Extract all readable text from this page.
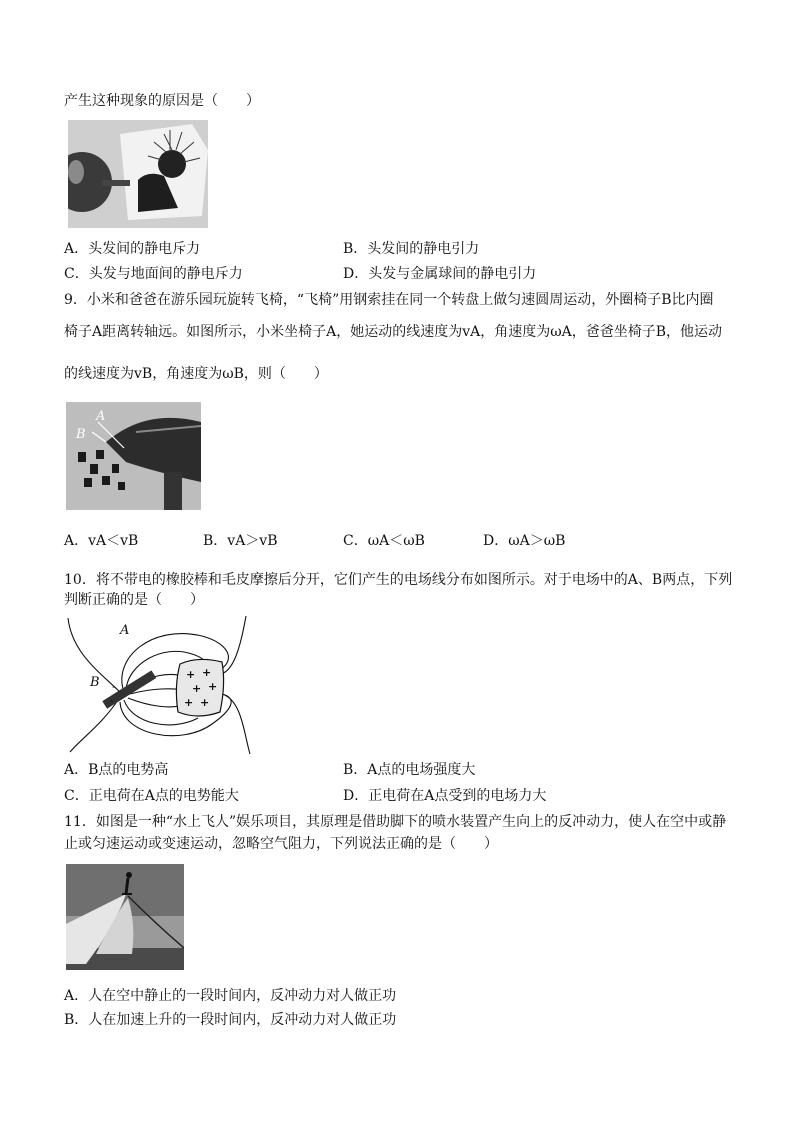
产生这种现象的原因是（　　）
A．头发间的静电斥力	B．头发间的静电引力
C．头发与地面间的静电斥力	D．头发与金属球间的静电引力
9．小米和爸爸在游乐园玩旋转飞椅，“飞椅”用钢索挂在同一个转盘上做匀速圆周运动，外圈椅子B比内圈
椅子A距离转轴远。如图所示，小米坐椅子A，她运动的线速度为vA，角速度为ωA，爸爸坐椅子B，他运动
的线速度为vB，角速度为ωB，则（　　）
A
B
A．vA＜vB	B．vA＞vB	C．ωA＜ωB	D．ωA＞ωB
10．将不带电的橡胶棒和毛皮摩擦后分开，它们产生的电场线分布如图所示。对于电场中的A、B两点，下列
判断正确的是（　　）
- -
-
+ +
+ +
+ +
A
B
A．B点的电势高	B．A点的电场强度大
C．正电荷在A点的电势能大	D．正电荷在A点受到的电场力大
11．如图是一种“水上飞人”娱乐项目，其原理是借助脚下的喷水装置产生向上的反冲动力，使人在空中或静
止或匀速运动或变速运动，忽略空气阻力，下列说法正确的是（　　）
A．人在空中静止的一段时间内，反冲动力对人做正功
B．人在加速上升的一段时间内，反冲动力对人做正功
